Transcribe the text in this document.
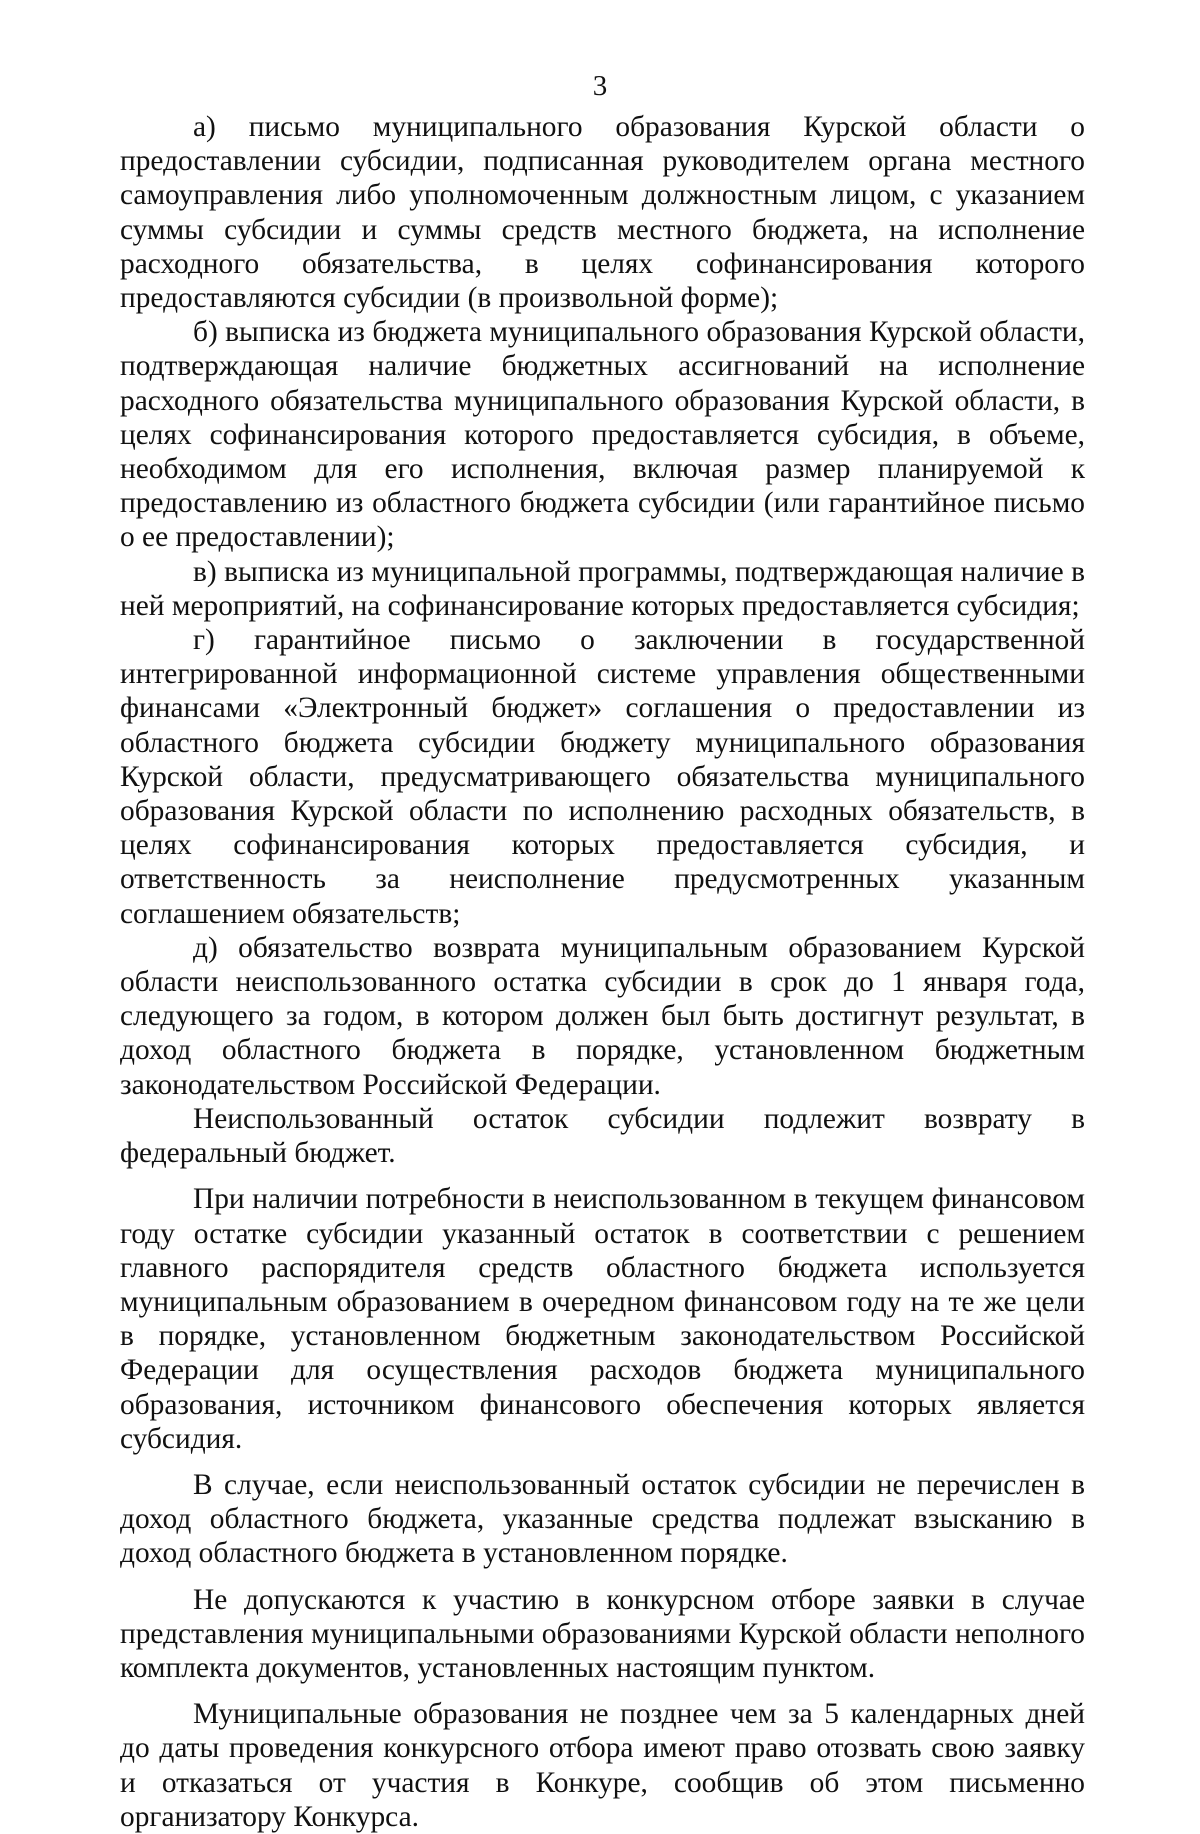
3

а) письмо муниципального образования Курской области о предоставлении субсидии, подписанная руководителем органа местного самоуправления либо уполномоченным должностным лицом, с указанием суммы субсидии и суммы средств местного бюджета, на исполнение расходного обязательства, в целях софинансирования которого предоставляются субсидии (в произвольной форме);

б) выписка из бюджета муниципального образования Курской области, подтверждающая наличие бюджетных ассигнований на исполнение расходного обязательства муниципального образования Курской области, в целях софинансирования которого предоставляется субсидия, в объеме, необходимом для его исполнения, включая размер планируемой к предоставлению из областного бюджета субсидии (или гарантийное письмо о ее предоставлении);

в) выписка из муниципальной программы, подтверждающая наличие в ней мероприятий, на софинансирование которых предоставляется субсидия;

г) гарантийное письмо о заключении в государственной интегрированной информационной системе управления общественными финансами «Электронный бюджет» соглашения о предоставлении из областного бюджета субсидии бюджету муниципального образования Курской области, предусматривающего обязательства муниципального образования Курской области по исполнению расходных обязательств, в целях софинансирования которых предоставляется субсидия, и ответственность за неисполнение предусмотренных указанным соглашением обязательств;

д) обязательство возврата муниципальным образованием Курской области неиспользованного остатка субсидии в срок до 1 января года, следующего за годом, в котором должен был быть достигнут результат, в доход областного бюджета в порядке, установленном бюджетным законодательством Российской Федерации.

Неиспользованный остаток субсидии подлежит возврату в федеральный бюджет.

При наличии потребности в неиспользованном в текущем финансовом году остатке субсидии указанный остаток в соответствии с решением главного распорядителя средств областного бюджета используется муниципальным образованием в очередном финансовом году на те же цели в порядке, установленном бюджетным законодательством Российской Федерации для осуществления расходов бюджета муниципального образования, источником финансового обеспечения которых является субсидия.

В случае, если неиспользованный остаток субсидии не перечислен в доход областного бюджета, указанные средства подлежат взысканию в доход областного бюджета в установленном порядке.

Не допускаются к участию в конкурсном отборе заявки в случае представления муниципальными образованиями Курской области неполного комплекта документов, установленных настоящим пунктом.

Муниципальные образования не позднее чем за 5 календарных дней до даты проведения конкурсного отбора имеют право отозвать свою заявку и отказаться от участия в Конкуре, сообщив об этом письменно организатору Конкурса.
